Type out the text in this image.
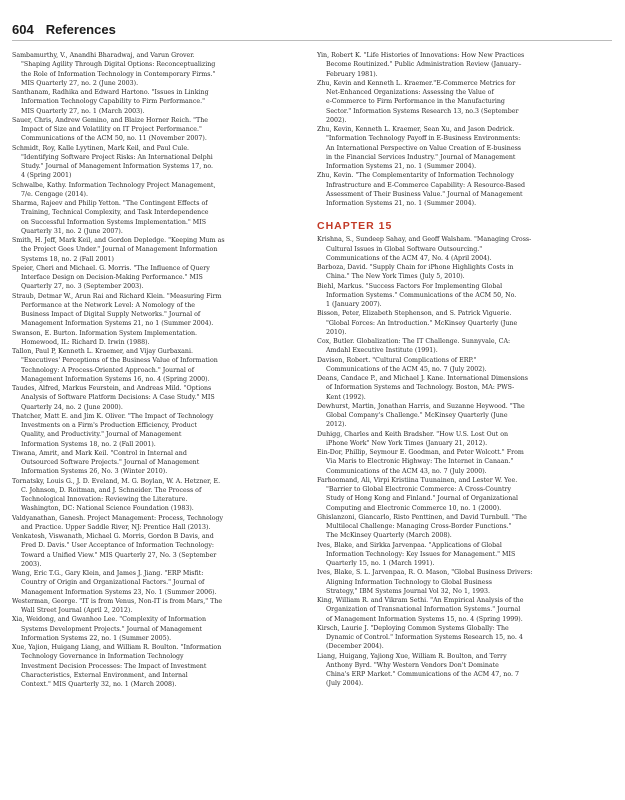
604 References

Sambamurthy, V., Anandhi Bharadwaj, and Varun Grover.
"Shaping Agility Through Digital Options: Reconceptualizing
the Role of Information Technology in Contemporary Firms."
MIS Quarterly 27, no. 2 (June 2003).

Santhanam, Radhika and Edward Hartono. "Issues in Linking
Information Technology Capability to Firm Performance."
MIS Quarterly 27, no. 1 (March 2003).

Sauer, Chris, Andrew Gemino, and Blaize Horner Reich. "The
Impact of Size and Volatility on IT Project Performance."
Communications of the ACM 50, no. 11 (November 2007).

Schmidt, Roy, Kalle Lyytinen, Mark Keil, and Paul Cule.
"Identifying Software Project Risks: An International Delphi
Study." Journal of Management Information Systems 17, no.
4 (Spring 2001)

Schwalbe, Kathy. Information Technology Project Management,
7/e. Cengage (2014).

Sharma, Rajeev and Philip Yetton. "The Contingent Effects of
Training, Technical Complexity, and Task Interdependence
on Successful Information Systems Implementation." MIS
Quarterly 31, no. 2 (June 2007).

Smith, H. Jeff, Mark Keil, and Gordon Depledge. "Keeping Mum as
the Project Goes Under." Journal of Management Information
Systems 18, no. 2 (Fall 2001)

Speier, Cheri and Michael. G. Morris. "The Influence of Query
Interface Design on Decision-Making Performance." MIS
Quarterly 27, no. 3 (September 2003).

Straub, Detmar W., Arun Rai and Richard Klein. "Measuring Firm
Performance at the Network Level: A Nomology of the
Business Impact of Digital Supply Networks." Journal of
Management Information Systems 21, no 1 (Summer 2004).

Swanson, E. Burton. Information System Implementation.
Homewood, IL: Richard D. Irwin (1988).

Tallon, Paul P, Kenneth L. Kraemer, and Vijay Gurbaxani.
"Executives' Perceptions of the Business Value of Information
Technology: A Process-Oriented Approach." Journal of
Management Information Systems 16, no. 4 (Spring 2000).

Taudes, Alfred, Markus Feurstein, and Andreas Mild. "Options
Analysis of Software Platform Decisions: A Case Study." MIS
Quarterly 24, no. 2 (June 2000).

Thatcher, Matt E. and Jim K. Oliver. "The Impact of Technology
Investments on a Firm's Production Efficiency, Product
Quality, and Productivity." Journal of Management
Information Systems 18, no. 2 (Fall 2001).

Tiwana, Amrit, and Mark Keil. "Control in Internal and
Outsourced Software Projects." Journal of Management
Information Systems 26, No. 3 (Winter 2010).

Tornatsky, Louis G., J. D. Eveland, M. G. Boylan, W. A. Hetzner, E.
C. Johnson, D. Roitman, and J. Schneider. The Process of
Technological Innovation: Reviewing the Literature.
Washington, DC: National Science Foundation (1983).

Valdyanathan, Ganesh. Project Management: Process, Technology
and Practice. Upper Saddle River, NJ: Prentice Hall (2013).

Venkatesh, Viswanath, Michael G. Morris, Gordon B Davis, and
Fred D. Davis." User Acceptance of Information Technology:
Toward a Unified View." MIS Quarterly 27, No. 3 (September
2003).

Wang, Eric T.G., Gary Klein, and James J. Jiang. "ERP Misfit:
Country of Origin and Organizational Factors." Journal of
Management Information Systems 23, No. 1 (Summer 2006).

Westerman, George. "IT is from Venus, Non-IT is from Mars," The
Wall Street Journal (April 2, 2012).

Xia, Weidong, and Gwanhoo Lee. "Complexity of Information
Systems Development Projects." Journal of Management
Information Systems 22, no. 1 (Summer 2005).

Xue, Yajion, Huigang Liang, and William R. Boulton. "Information
Technology Governance in Information Technology
Investment Decision Processes: The Impact of Investment
Characteristics, External Environment, and Internal
Context." MIS Quarterly 32, no. 1 (March 2008).

Yin, Robert K. "Life Histories of Innovations: How New Practices
Become Routinized." Public Administration Review (January–
February 1981).

Zhu, Kevin and Kenneth L. Kraemer."E-Commerce Metrics for
Net-Enhanced Organizations: Assessing the Value of
e-Commerce to Firm Performance in the Manufacturing
Sector." Information Systems Research 13, no.3 (September
2002).

Zhu, Kevin, Kenneth L. Kraemer, Sean Xu, and Jason Dedrick.
"Information Technology Payoff in E-Business Environments:
An International Perspective on Value Creation of E-business
in the Financial Services Industry." Journal of Management
Information Systems 21, no. 1 (Summer 2004).

Zhu, Kevin. "The Complementarity of Information Technology
Infrastructure and E-Commerce Capability: A Resource-Based
Assessment of Their Business Value." Journal of Management
Information Systems 21, no. 1 (Summer 2004).

CHAPTER 15

Krishna, S., Sundeep Sahay, and Geoff Walsham. "Managing Cross-
Cultural Issues in Global Software Outsourcing."
Communications of the ACM 47, No. 4 (April 2004).

Barboza, David. "Supply Chain for iPhone Highlights Costs in
China." The New York Times (July 5, 2010).

Biehl, Markus. "Success Factors For Implementing Global
Information Systems." Communications of the ACM 50, No.
1 (January 2007).

Bisson, Peter, Elizabeth Stephenson, and S. Patrick Viguerie.
"Global Forces: An Introduction." McKinsey Quarterly (June
2010).

Cox, Butler. Globalization: The IT Challenge. Sunnyvale, CA:
Amdahl Executive Institute (1991).

Davison, Robert. "Cultural Complications of ERP."
Communications of the ACM 45, no. 7 (July 2002).

Deans, Candace P., and Michael J. Kane. International Dimensions
of Information Systems and Technology. Boston, MA: PWS-
Kent (1992).

Dewhurst, Martin, Jonathan Harris, and Suzanne Heywood. "The
Global Company's Challenge." McKinsey Quarterly (June
2012).

Duhigg, Charles and Keith Bradsher. "How U.S. Lost Out on
iPhone Work" New York Times (January 21, 2012).

Ein-Dor, Phillip, Seymour E. Goodman, and Peter Wolcott." From
Via Maris to Electronic Highway: The Internet in Canaan."
Communications of the ACM 43, no. 7 (July 2000).

Farhoomand, Ali, Virpi Kristiina Tuunainen, and Lester W. Yee.
"Barrier to Global Electronic Commerce: A Cross-Country
Study of Hong Kong and Finland." Journal of Organizational
Computing and Electronic Commerce 10, no. 1 (2000).

Ghislanzoni, Giancarlo, Risto Penttinen, and David Turnbull. "The
Multilocal Challenge: Managing Cross-Border Functions."
The McKinsey Quarterly (March 2008).

Ives, Blake, and Sirkka Jarvenpaa. "Applications of Global
Information Technology: Key Issues for Management." MIS
Quarterly 15, no. 1 (March 1991).

Ives, Blake, S. L. Jarvenpaa, R. O. Mason, "Global Business Drivers:
Aligning Information Technology to Global Business
Strategy," IBM Systems Journal Vol 32, No 1, 1993.

King, William R. and Vikram Sethi. "An Empirical Analysis of the
Organization of Transnational Information Systems." Journal
of Management Information Systems 15, no. 4 (Spring 1999).

Kirsch, Laurie J. "Deploying Common Systems Globally: The
Dynamic of Control." Information Systems Research 15, no. 4
(December 2004).

Liang, Huigang, Yajiong Xue, William R. Boulton, and Terry
Anthony Byrd. "Why Western Vendors Don't Dominate
China's ERP Market." Communications of the ACM 47, no. 7
(July 2004).
